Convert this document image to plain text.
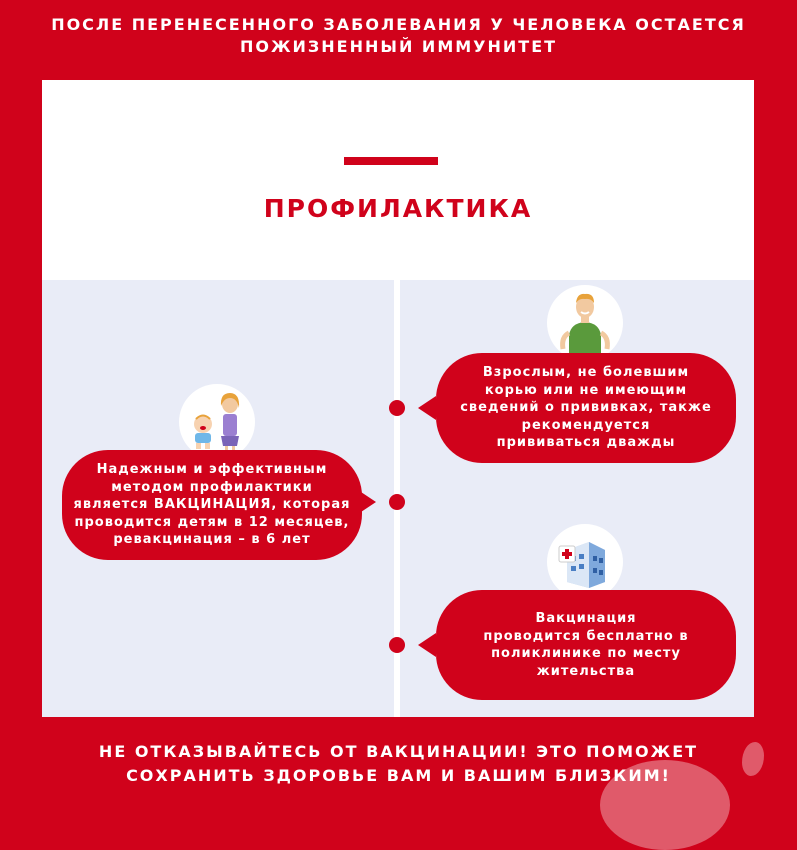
ПОСЛЕ ПЕРЕНЕСЕННОГО ЗАБОЛЕВАНИЯ У ЧЕЛОВЕКА ОСТАЕТСЯ
ПОЖИЗНЕННЫЙ ИММУНИТЕТ
ПРОФИЛАКТИКА
Взрослым, не болевшим
корью или не имеющим
сведений о прививках, также
рекомендуется
прививаться дважды
Надежным и эффективным
методом профилактики
является ВАКЦИНАЦИЯ, которая
проводится детям в 12 месяцев,
ревакцинация – в 6 лет
Вакцинация
проводится бесплатно в
поликлинике по месту
жительства
НЕ ОТКАЗЫВАЙТЕСЬ ОТ ВАКЦИНАЦИИ! ЭТО ПОМОЖЕТ
СОХРАНИТЬ ЗДОРОВЬЕ ВАМ И ВАШИМ БЛИЗКИМ!
